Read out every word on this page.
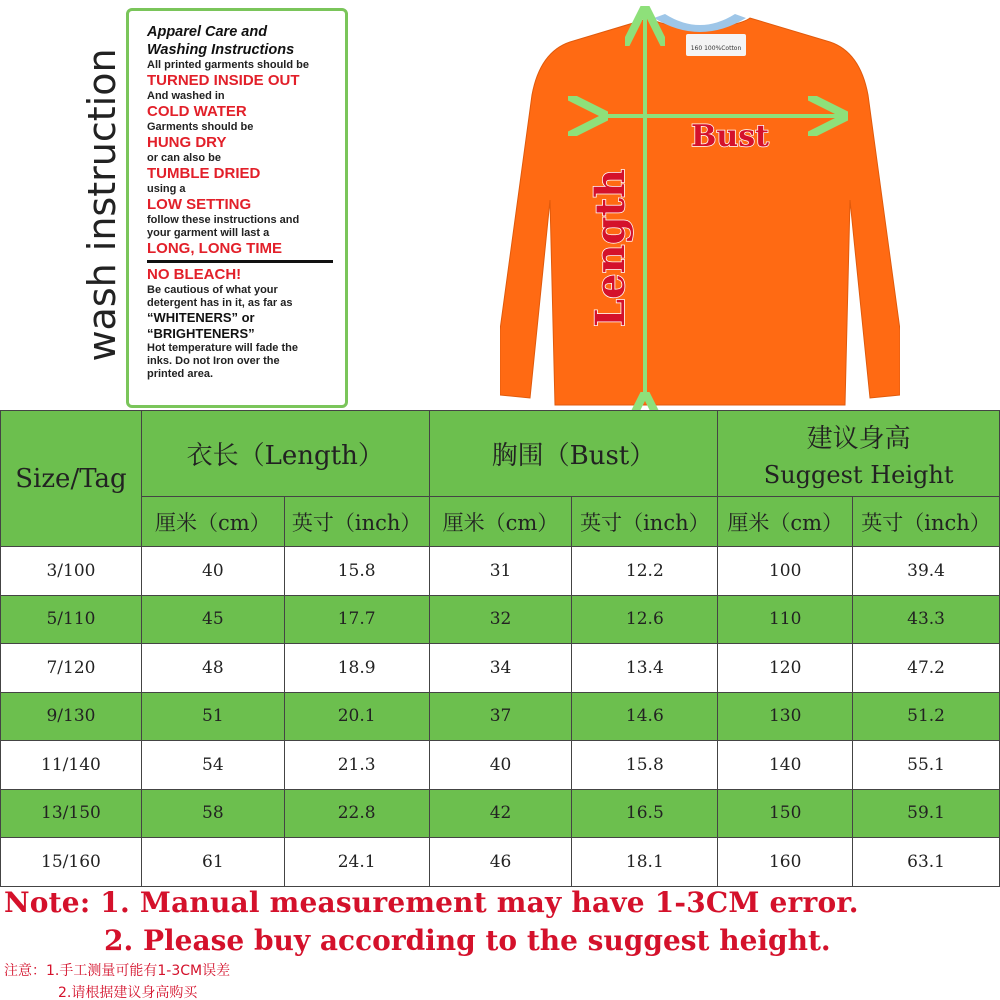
wash instruction
Apparel Care and
Washing Instructions
All printed garments should be
TURNED INSIDE OUT
And washed in
COLD WATER
Garments should be
HUNG DRY
or can also be
TUMBLE DRIED
using a
LOW SETTING
follow these instructions and
your garment will last a
LONG, LONG TIME
NO BLEACH!
Be cautious of what your
detergent has in it, as far as
“WHITENERS” or
“BRIGHTENERS”
Hot temperature will fade the
inks. Do not Iron over the
printed area.
160 100%Cotton
Bust
Length
Size/Tag	衣长（Length）		胸围（Bust）		建议身高
Suggest Height	

	厘米（cm）	英寸（inch）	厘米（cm）	英寸（inch）	厘米（cm）	英寸（inch）
3/100	40	15.8	31	12.2	100	39.4
5/110	45	17.7	32	12.6	110	43.3
7/120	48	18.9	34	13.4	120	47.2
9/130	51	20.1	37	14.6	130	51.2
11/140	54	21.3	40	15.8	140	55.1
13/150	58	22.8	42	16.5	150	59.1
15/160	61	24.1	46	18.1	160	63.1
Note: 1. Manual measurement may have 1-3CM error.
2. Please buy according to the suggest height.
注意：1.手工测量可能有1-3CM误差
2.请根据建议身高购买
